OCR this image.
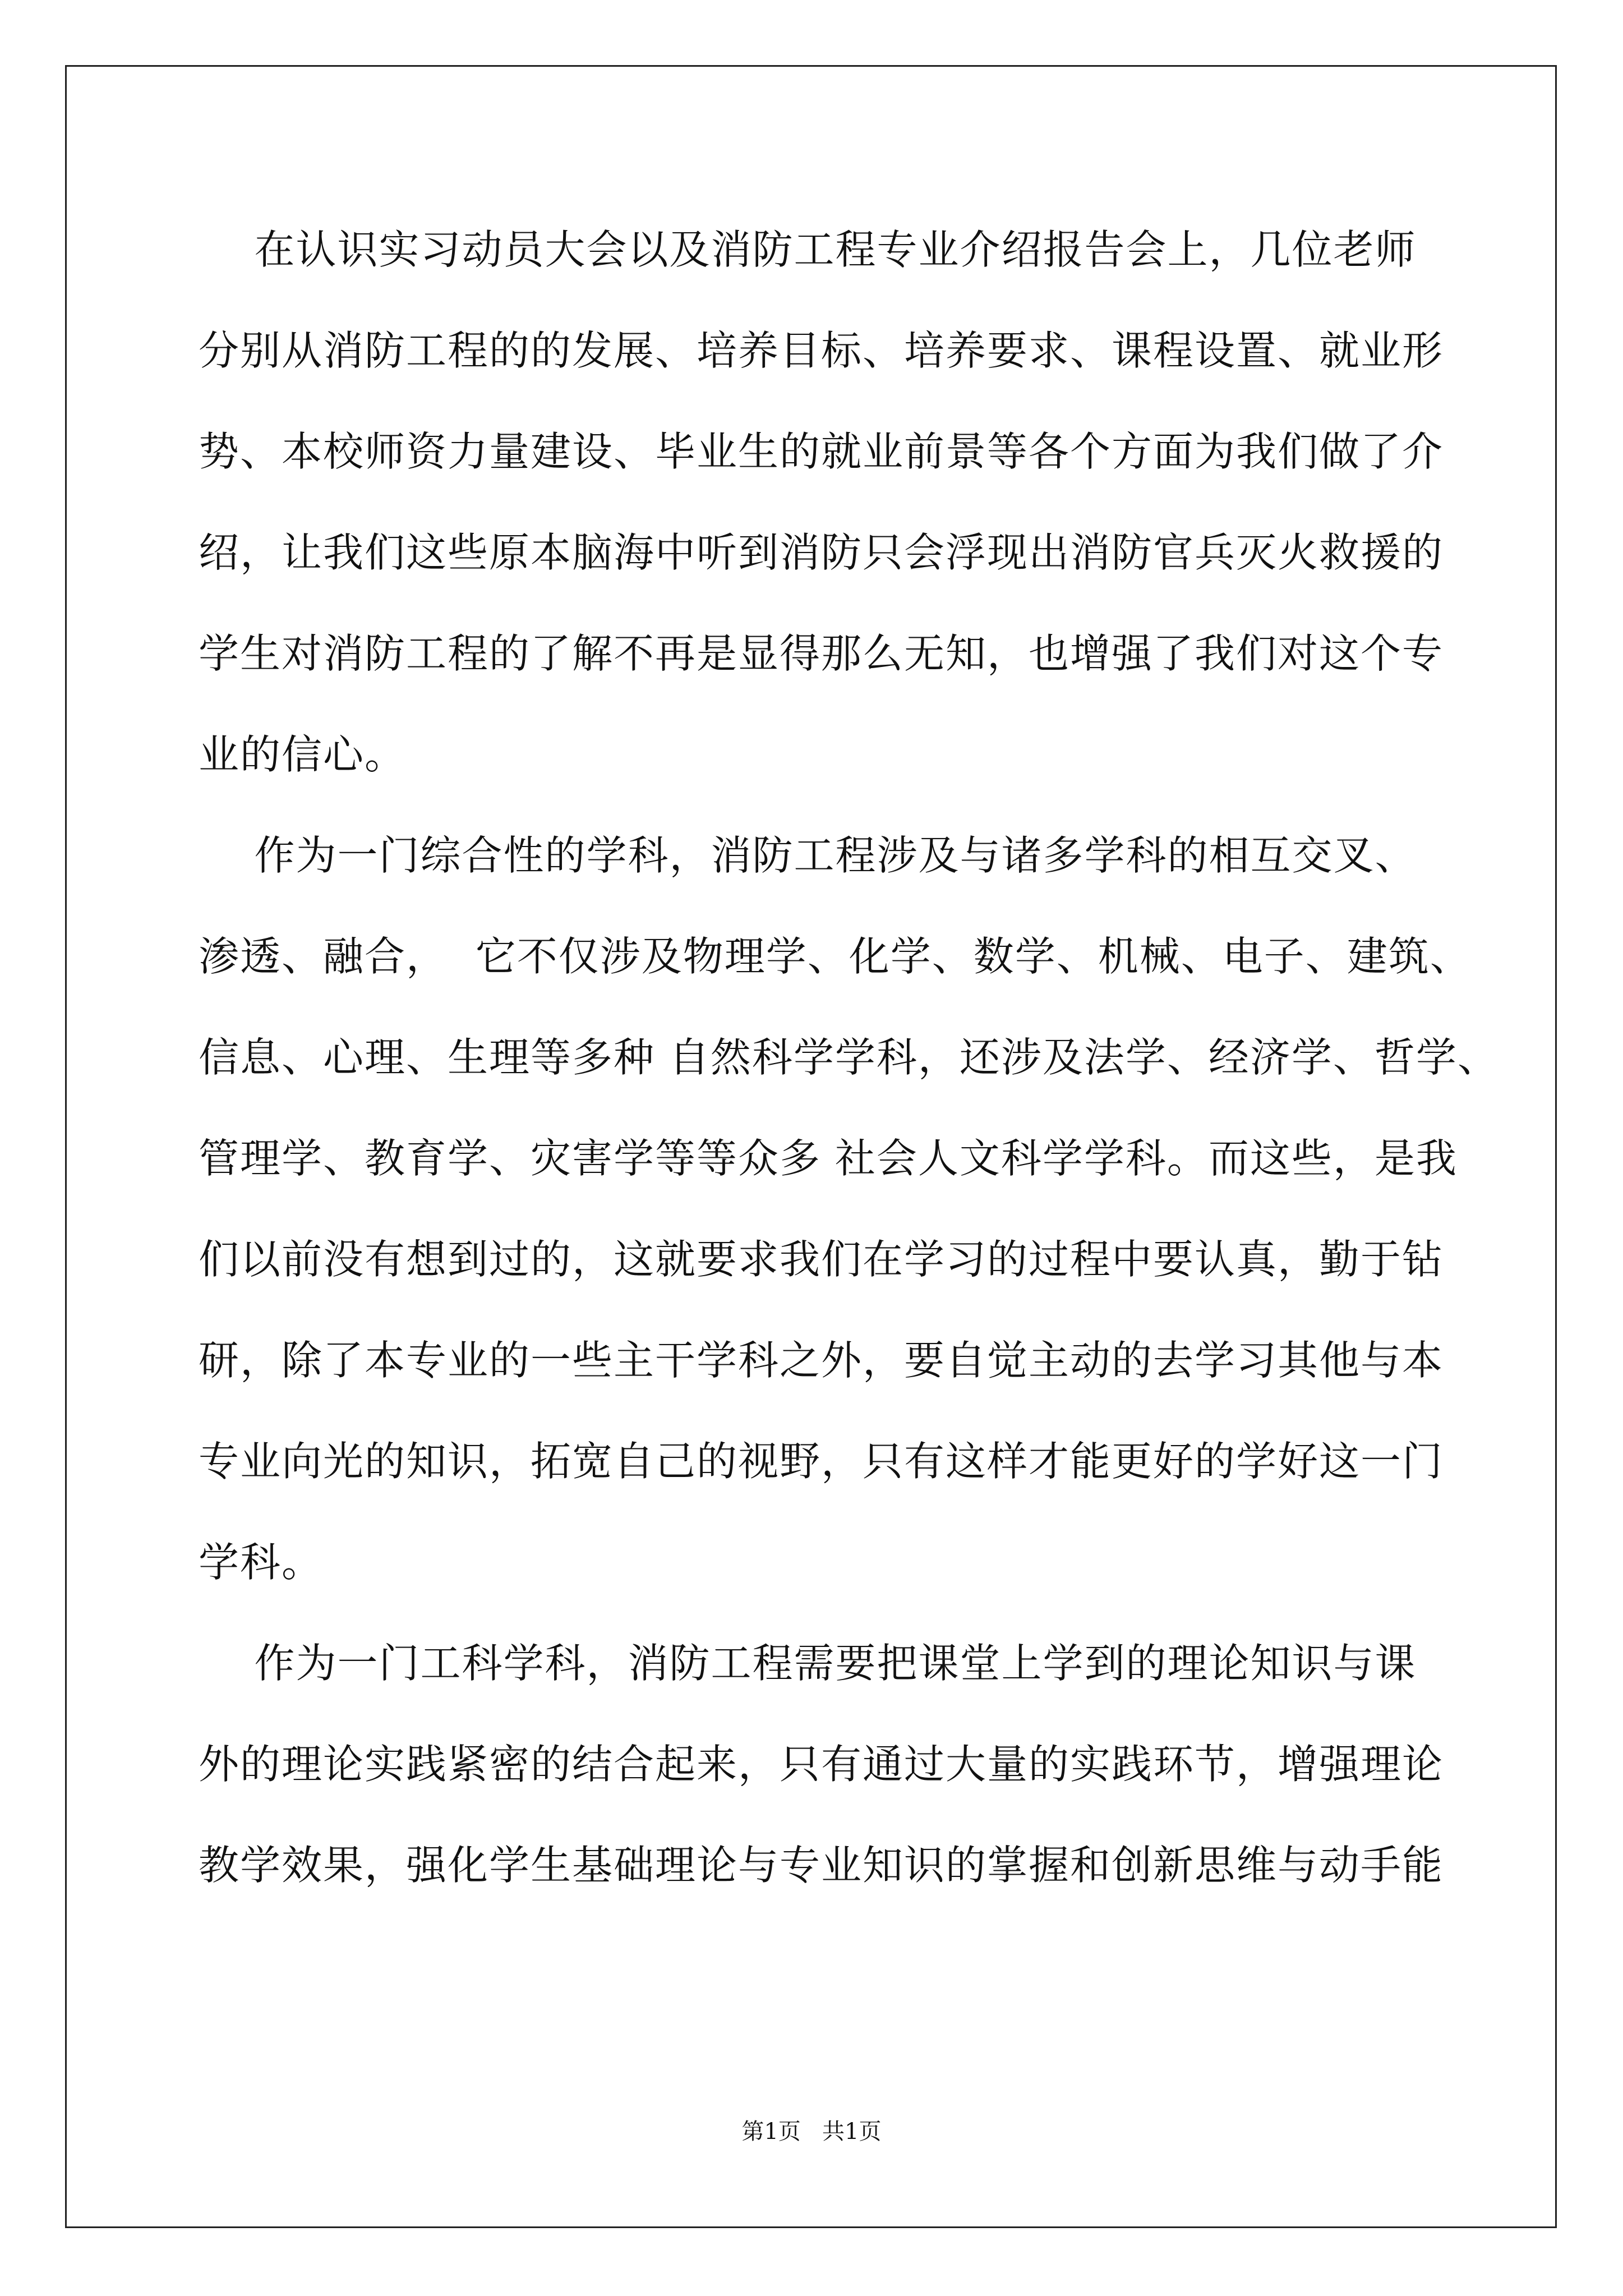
在认识实习动员大会以及消防工程专业介绍报告会上，几位老师
分别从消防工程的的发展、培养目标、培养要求、课程设置、就业形
势、本校师资力量建设、毕业生的就业前景等各个方面为我们做了介
绍，让我们这些原本脑海中听到消防只会浮现出消防官兵灭火救援的
学生对消防工程的了解不再是显得那么无知，也增强了我们对这个专
业的信心。
作为一门综合性的学科，消防工程涉及与诸多学科的相互交叉、
渗透、融合，  它不仅涉及物理学、化学、数学、机械、电子、建筑、
信息、心理、生理等多种 自然科学学科，还涉及法学、经济学、哲学、
管理学、教育学、灾害学等等众多 社会人文科学学科。而这些，是我
们以前没有想到过的，这就要求我们在学习的过程中要认真，勤于钻
研，除了本专业的一些主干学科之外，要自觉主动的去学习其他与本
专业向光的知识，拓宽自己的视野，只有这样才能更好的学好这一门
学科。
作为一门工科学科，消防工程需要把课堂上学到的理论知识与课
外的理论实践紧密的结合起来，只有通过大量的实践环节，增强理论
教学效果，强化学生基础理论与专业知识的掌握和创新思维与动手能
第1页   共1页
